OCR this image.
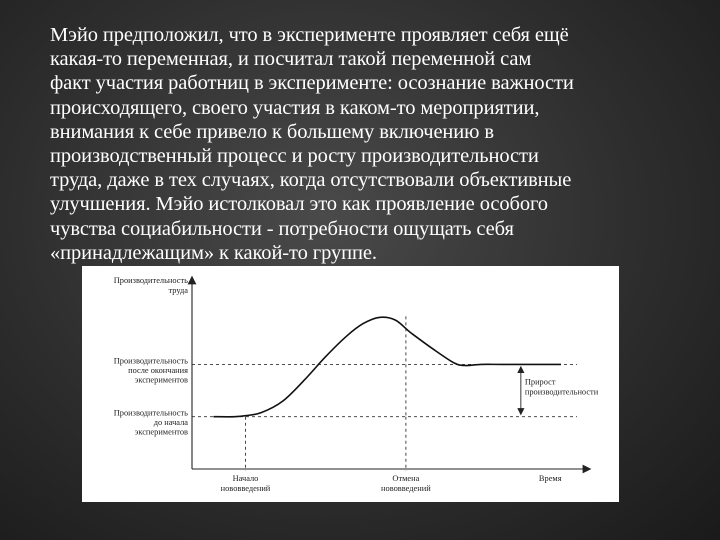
Мэйо предположил, что в эксперименте проявляет себя ещё
какая-то переменная, и посчитал такой переменной сам
факт участия работниц в эксперименте: осознание важности
происходящего, своего участия в каком-то мероприятии,
внимания к себе привело к большему включению в
производственный процесс и росту производительности
труда, даже в тех случаях, когда отсутствовали объективные
улучшения. Мэйо истолковал это как проявление особого
чувства социабильности - потребности ощущать себя
«принадлежащим» к какой-то группе.

Производительность труда
Производительность до начала экспериментов
Производительность после окончания экспериментов
Начало нововведений
Отмена нововведений
Время
Прирост производительности
